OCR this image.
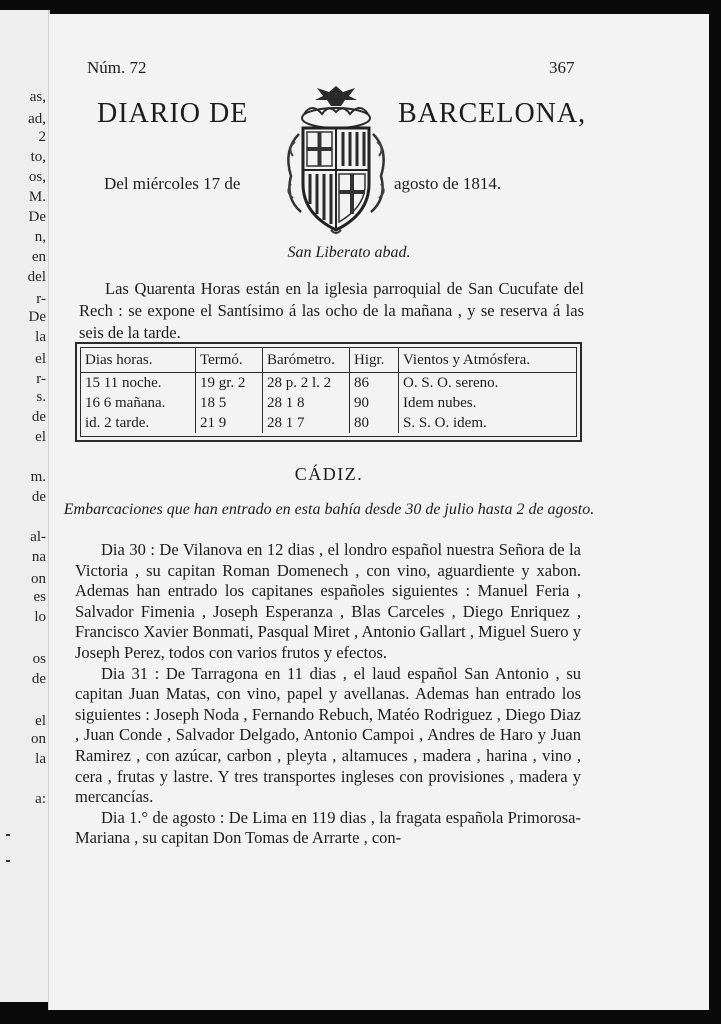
as,
ad,
2
to,
os,
M.
De
n,
en
del
r-
De
la
el
r-
s.
de
el
m.
de
al-
na
on
es
lo
os
de
el
on
la
a:
Núm. 72	367
DIARIO DE	BARCELONA,
Del miércoles 17 de	agosto de 1814.
San Liberato abad.

Las Quarenta Horas están en la iglesia parroquial de San Cucufate del Rech : se expone el Santísimo á las ocho de la mañana , y se reserva á las seis de la tarde.

Dias horas.	Termó.	Barómetro.	Higr.	Vientos y Atmósfera.
15 11 noche.	19 gr. 2	28 p. 2 l. 2	86	O. S. O. sereno.
16 6 mañana.	18 5	28 1 8	90	Idem nubes.
id. 2 tarde.	21 9	28 1 7	80	S. S. O. idem.
CÁDIZ.
Embarcaciones que han entrado en esta bahía desde 30 de julio hasta 2 de agosto.

Dia 30 : De Vilanova en 12 dias , el londro español nuestra Señora de la Victoria , su capitan Roman Domenech , con vino, aguardiente y xabon. Ademas han entrado los capitanes españoles siguientes : Manuel Feria , Salvador Fimenia , Joseph Esperanza , Blas Carceles , Diego Enriquez , Francisco Xavier Bonmati, Pasqual Miret , Antonio Gallart , Miguel Suero y Joseph Perez, todos con varios frutos y efectos.

Dia 31 : De Tarragona en 11 dias , el laud español San Antonio , su capitan Juan Matas, con vino, papel y avellanas. Ademas han entrado los siguientes : Joseph Noda , Fernando Rebuch, Matéo Rodriguez , Diego Diaz , Juan Conde , Salvador Delgado, Antonio Campoi , Andres de Haro y Juan Ramirez , con azúcar, carbon , pleyta , altamuces , madera , harina , vino , cera , frutas y lastre. Y tres transportes ingleses con provisiones , madera y mercancías.

Dia 1.° de agosto : De Lima en 119 dias , la fragata española Primorosa-Mariana , su capitan Don Tomas de Arrarte , con-
